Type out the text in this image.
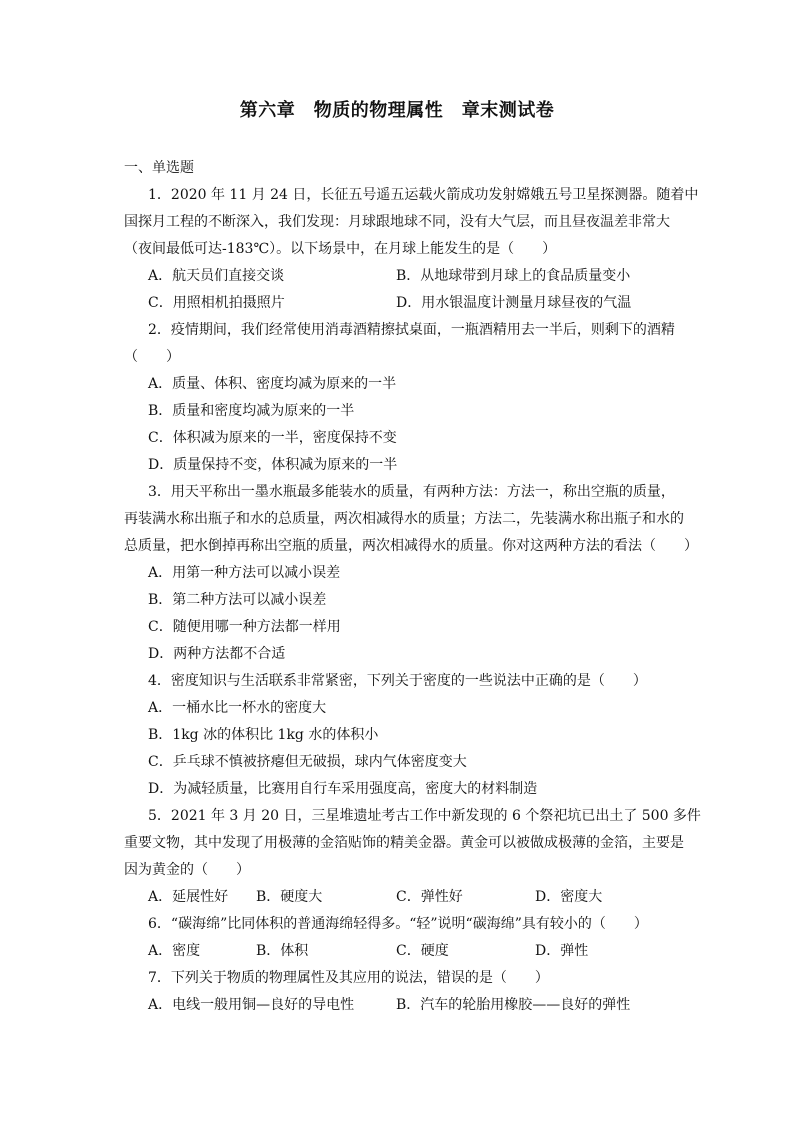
第六章　物质的物理属性　章末测试卷
一、单选题
1．2020 年 11 月 24 日，长征五号遥五运载火箭成功发射嫦娥五号卫星探测器。随着中
国探月工程的不断深入，我们发现：月球跟地球不同，没有大气层，而且昼夜温差非常大
（夜间最低可达-183℃）。以下场景中，在月球上能发生的是（　　）
A．航天员们直接交谈	B．从地球带到月球上的食品质量变小
C．用照相机拍摄照片	D．用水银温度计测量月球昼夜的气温
2．疫情期间，我们经常使用消毒酒精擦拭桌面，一瓶酒精用去一半后，则剩下的酒精
（　　）
A．质量、体积、密度均减为原来的一半
B．质量和密度均减为原来的一半
C．体积减为原来的一半，密度保持不变
D．质量保持不变，体积减为原来的一半
3．用天平称出一墨水瓶最多能装水的质量，有两种方法：方法一，称出空瓶的质量，
再装满水称出瓶子和水的总质量，两次相减得水的质量；方法二，先装满水称出瓶子和水的
总质量，把水倒掉再称出空瓶的质量，两次相减得水的质量。你对这两种方法的看法（　　）
A．用第一种方法可以减小误差
B．第二种方法可以减小误差
C．随便用哪一种方法都一样用
D．两种方法都不合适
4．密度知识与生活联系非常紧密，下列关于密度的一些说法中正确的是（　　）
A．一桶水比一杯水的密度大
B．1kg 冰的体积比 1kg 水的体积小
C．乒乓球不慎被挤瘪但无破损，球内气体密度变大
D．为减轻质量，比赛用自行车采用强度高，密度大的材料制造
5．2021 年 3 月 20 日，三星堆遗址考古工作中新发现的 6 个祭祀坑已出土了 500 多件
重要文物，其中发现了用极薄的金箔贴饰的精美金器。黄金可以被做成极薄的金箔，主要是
因为黄金的（　　）
A．延展性好 B．硬度大	C．弹性好	D．密度大
6．“碳海绵”比同体积的普通海绵轻得多。“轻”说明“碳海绵”具有较小的（　　）
A．密度	B．体积	C．硬度	D．弹性
7．下列关于物质的物理属性及其应用的说法，错误的是（　　）
A．电线一般用铜—良好的导电性	B．汽车的轮胎用橡胶——良好的弹性
